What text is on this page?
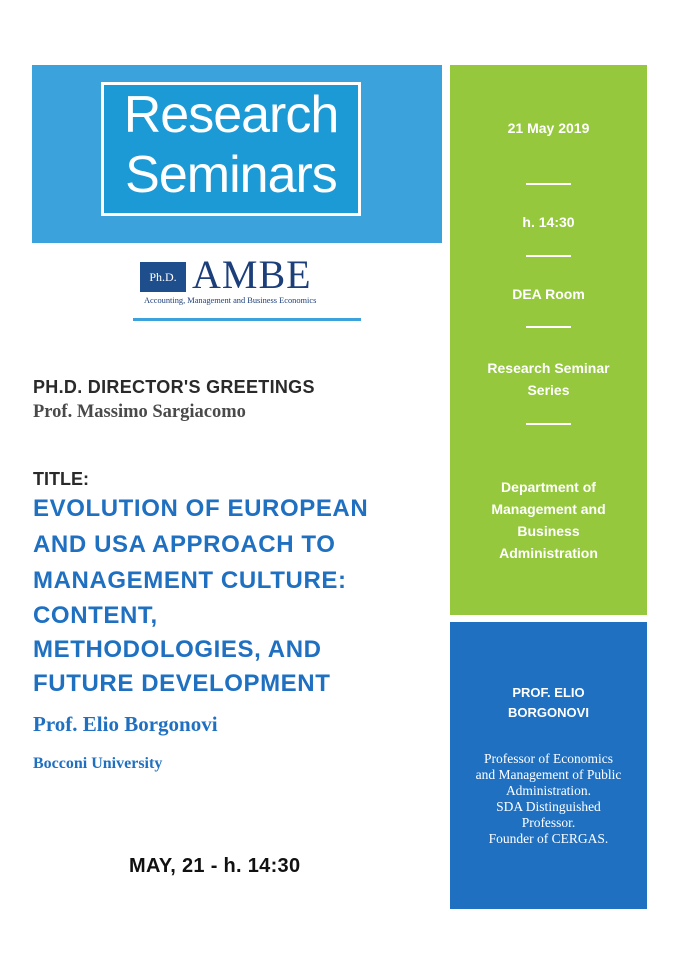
Research
Seminars
Ph.D. AMBE
Accounting, Management and Business Economics
21 May 2019
h. 14:30
DEA Room
Research Seminar
Series
Department of
Management and
Business
Administration
PROF. ELIO
BORGONOVI
Professor of Economics
and Management of Public
Administration.
SDA Distinguished
Professor.
Founder of CERGAS.
PH.D. DIRECTOR'S GREETINGS
Prof. Massimo Sargiacomo
TITLE:
EVOLUTION OF EUROPEAN
AND USA APPROACH TO
MANAGEMENT CULTURE:
CONTENT,
METHODOLOGIES, AND
FUTURE DEVELOPMENT
Prof. Elio Borgonovi
Bocconi University
MAY, 21 - h. 14:30
